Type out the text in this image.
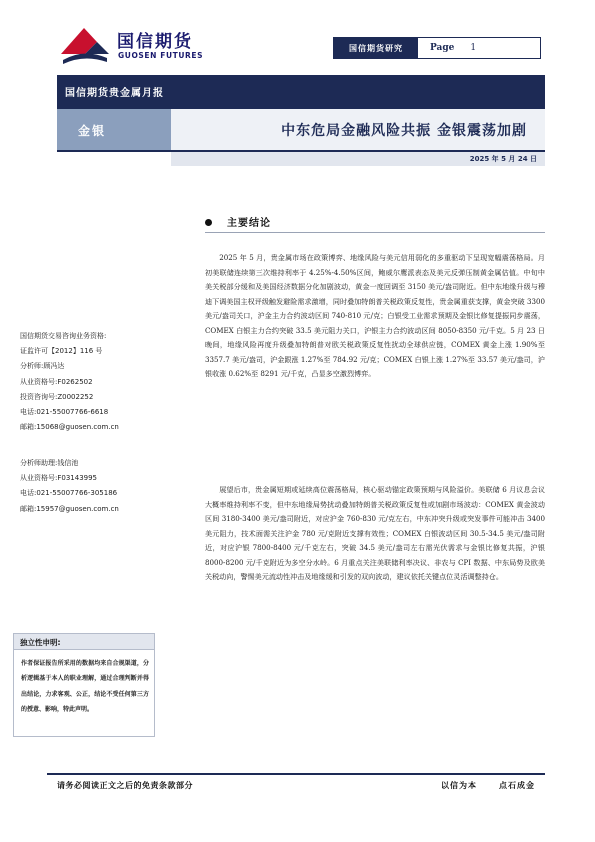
国信期货
GUOSEN FUTURES
国信期货研究	Page 1
国信期货贵金属月报
金银	中东危局金融风险共振 金银震荡加剧
2025 年 5 月 24 日
主要结论

2025 年 5 月，贵金属市场在政策博弈、地缘风险与美元信用弱化的多重驱动下呈现宽幅震荡格局。月初美联储连续第三次维持利率于 4.25%-4.50%区间，鲍威尔鹰派表态及美元反弹压制黄金属估值。中旬中美关税部分缓和及美国经济数据分化加剧波动，黄金一度回调至 3150 美元/盎司附近。但中东地缘升级与穆迪下调美国主权评级触发避险需求激增，同时叠加特朗普关税政策反复性，贵金属重获支撑，黄金突破 3300 美元/盎司关口，沪金主力合约波动区间 740-810 元/克；白银受工业需求预期及金银比修复提振同步震荡，COMEX 白银主力合约突破 33.5 美元阻力关口，沪银主力合约波动区间 8050-8350 元/千克。5 月 23 日晚间，地缘风险再度升级叠加特朗普对欧关税政策反复性扰动全球供应链，COMEX 黄金上涨 1.90%至 3357.7 美元/盎司，沪金跟涨 1.27%至 784.92 元/克；COMEX 白银上涨 1.27%至 33.57 美元/盎司，沪银收涨 0.62%至 8291 元/千克，凸显多空激烈博弈。

展望后市，贵金属短期或延续高位震荡格局，核心驱动锚定政策预期与风险溢价。美联储 6 月议息会议大概率维持利率不变，但中东地缘局势扰动叠加特朗普关税政策反复性或加剧市场波动：COMEX 黄金波动区间 3180-3400 美元/盎司附近，对应沪金 760-830 元/克左右，中东冲突升级或突发事件可能冲击 3400 美元阻力，技术面需关注沪金 780 元/克附近支撑有效性；COMEX 白银波动区间 30.5-34.5 美元/盎司附近，对应沪银 7800-8400 元/千克左右，突破 34.5 美元/盎司左右需光伏需求与金银比修复共振，沪银 8000-8200 元/千克附近为多空分水岭。6 月重点关注美联储利率决议、非农与 CPI 数据、中东局势及欧美关税动向，警惕美元流动性冲击及地缘缓和引发的双向波动，建议依托关键点位灵活调整持仓。

国信期货交易咨询业务资格:
证监许可【2012】116 号
分析师:顾冯达
从业资格号:F0262502
投资咨询号:Z0002252
电话:021-55007766-6618
邮箱:15068@guosen.com.cn
分析师助理:钱信池
从业资格号:F03143995
电话:021-55007766-305186
邮箱:15957@guosen.com.cn
独立性申明:
作者保证报告所采用的数据均来自合规渠道，分析逻辑基于本人的职业理解，通过合理判断并得出结论，力求客观、公正，结论不受任何第三方的授意、影响，特此声明。
请务必阅读正文之后的免责条款部分	以信为本	点石成金
